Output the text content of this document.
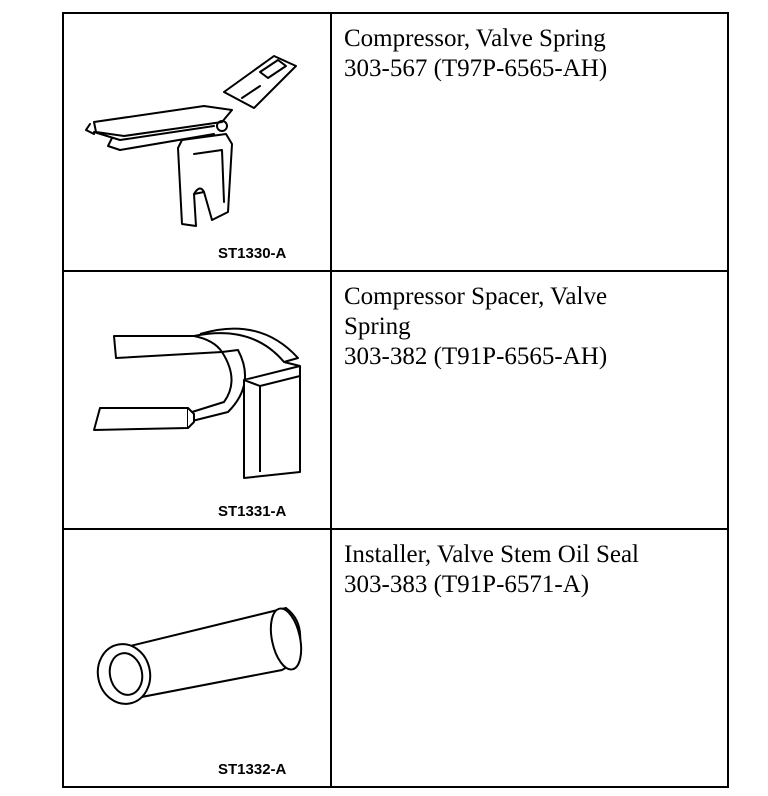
ST1330-A	Compressor, Valve Spring
303-567 (T97P-6565-AH)

ST1331-A	Compressor Spacer, Valve
Spring
303-382 (T91P-6565-AH)

ST1332-A	Installer, Valve Stem Oil Seal
303-383 (T91P-6571-A)
